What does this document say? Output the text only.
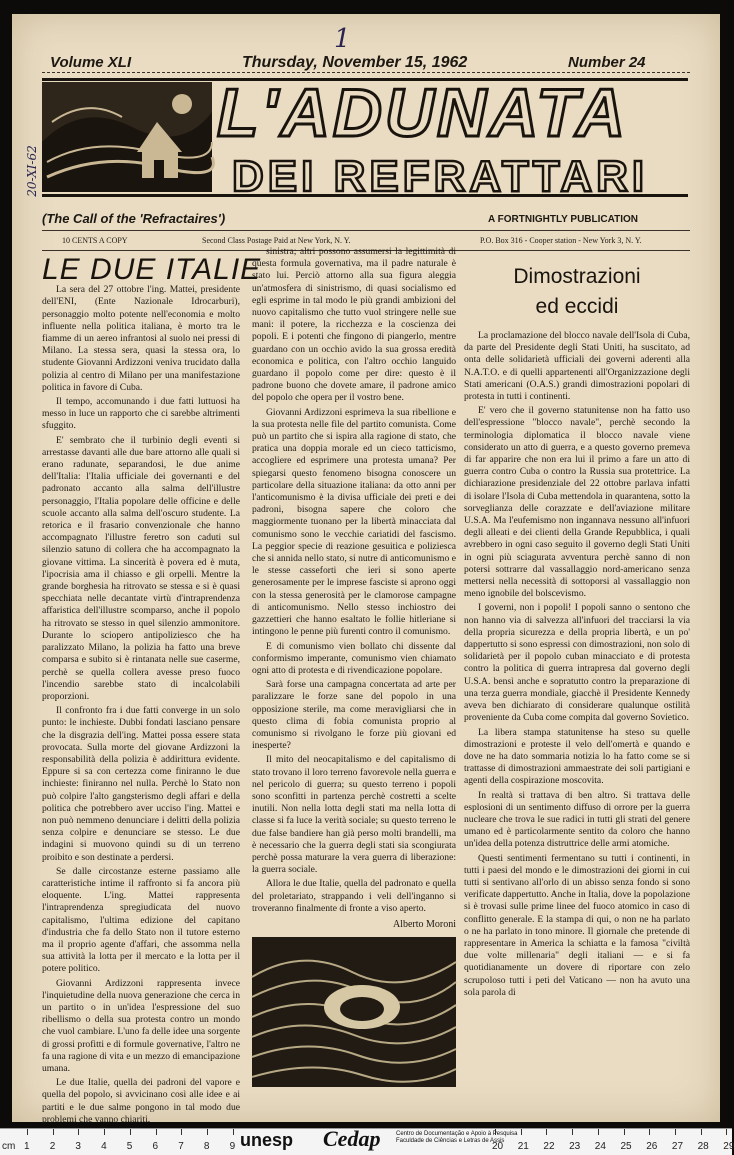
Volume XLI	Thursday, November 15, 1962	Number 24
1
20-XI-62
L'ADUNATA
DEI REFRATTARI
(The Call of the 'Refractaires')	A FORTNIGHTLY PUBLICATION
10 CENTS A COPY	Second Class Postage Paid at New York, N. Y.	P.O. Box 316 - Cooper station - New York 3, N. Y.
LE DUE ITALIE

La sera del 27 ottobre l'ing. Mattei, presidente dell'ENI, (Ente Nazionale Idrocarburi), personaggio molto potente nell'economia e molto influente nella politica italiana, è morto tra le fiamme di un aereo infrantosi al suolo nei pressi di Milano. La stessa sera, quasi la stessa ora, lo studente Giovanni Ardizzoni veniva trucidato dalla polizia al centro di Milano per una manifestazione politica in favore di Cuba.

Il tempo, accomunando i due fatti luttuosi ha messo in luce un rapporto che ci sarebbe altrimenti sfuggito.

E' sembrato che il turbinio degli eventi si arrestasse davanti alle due bare attorno alle quali si erano radunate, separandosi, le due anime dell'Italia: l'Italia ufficiale dei governanti e del padronato accanto alla salma dell'illustre personaggio, l'Italia popolare delle officine e delle scuole accanto alla salma dell'oscuro studente. La retorica e il frasario convenzionale che hanno accompagnato l'illustre feretro son caduti sul silenzio satuno di collera che ha accompagnato la giovane vittima. La sincerità è povera ed è muta, l'ipocrisia ama il chiasso e gli orpelli. Mentre la grande borghesia ha ritrovato se stessa e si è quasi specchiata nelle decantate virtù d'intraprendenza affaristica dell'illustre scomparso, anche il popolo ha ritrovato se stesso in quel silenzio ammonitore. Durante lo sciopero antipoliziesco che ha paralizzato Milano, la polizia ha fatto una breve comparsa e subito si è rintanata nelle sue caserme, perchè se quella collera avesse preso fuoco l'incendio sarebbe stato di incalcolabili proporzioni.

Il confronto fra i due fatti converge in un solo punto: le inchieste. Dubbi fondati lasciano pensare che la disgrazia dell'ing. Mattei possa essere stata provocata. Sulla morte del giovane Ardizzoni la responsabilità della polizia è addirittura evidente. Eppure si sa con certezza come finiranno le due inchieste: finiranno nel nulla. Perchè lo Stato non può colpire l'alto gangsterismo degli affari e della politica che potrebbero aver ucciso l'ing. Mattei e non può nemmeno denunciare i delitti della polizia senza colpire e denunciare se stesso. Le due indagini si muovono quindi su di un terreno proibito e son destinate a perdersi.

Se dalle circostanze esterne passiamo alle caratteristiche intime il raffronto si fa ancora più eloquente. L'ing. Mattei rappresenta l'intraprendenza spregiudicata del nuovo capitalismo, l'ultima edizione del capitano d'industria che fa dello Stato non il tutore esterno ma il proprio agente d'affari, che assomma nella sua attività la lotta per il mercato e la lotta per il potere politico.

Giovanni Ardizzoni rappresenta invece l'inquietudine della nuova generazione che cerca in un partito o in un'idea l'espressione del suo ribellismo o della sua protesta contro un mondo che vuol cambiare. L'uno fa delle idee una sorgente di grossi profitti e di formule governative, l'altro ne fa una ragione di vita e un mezzo di emancipazione umana.

Le due Italie, quella dei padroni del vapore e quella del popolo, si avvicinano così alle idee e ai partiti e le due salme pongono in tal modo due problemi che vanno chiariti.

sinistra; altri possono assumersi la legittimità di questa formula governativa, ma il padre naturale è stato lui. Perciò attorno alla sua figura aleggia un'atmosfera di sinistrismo, di quasi socialismo ed egli esprime in tal modo le più grandi ambizioni del nuovo capitalismo che tutto vuol stringere nelle sue mani: il potere, la ricchezza e la coscienza dei popoli. E i potenti che fingono di piangerlo, mentre guardano con un occhio avido la sua grossa eredità economica e politica, con l'altro occhio languido guardano il popolo come per dire: questo è il padrone buono che dovete amare, il padrone amico del popolo che opera per il vostro bene.

Giovanni Ardizzoni esprimeva la sua ribellione e la sua protesta nelle file del partito comunista. Come può un partito che si ispira alla ragione di stato, che pratica una doppia morale ed un cieco tatticismo, accogliere ed esprimere una protesta umana? Per spiegarsi questo fenomeno bisogna conoscere un particolare della situazione italiana: da otto anni per l'anticomunismo è la divisa ufficiale dei preti e dei padroni, bisogna sapere che coloro che maggiormente tuonano per la libertà minacciata dal comunismo sono le vecchie cariatidi del fascismo. La peggior specie di reazione gesuitica e poliziesca che si annida nello stato, si nutre di anticomunismo e le stesse casseforti che ieri si sono aperte generosamente per le imprese fasciste si aprono oggi con la stessa generosità per le clamorose campagne di anticomunismo. Nello stesso inchiostro dei gazzettieri che hanno esaltato le follie hitleriane si intingono le penne più furenti contro il comunismo.

E di comunismo vien bollato chi dissente dal conformismo imperante, comunismo vien chiamato ogni atto di protesta e di rivendicazione popolare.

Sarà forse una campagna concertata ad arte per paralizzare le forze sane del popolo in una opposizione sterile, ma come meravigliarsi che in questo clima di fobia comunista proprio al comunismo si rivolgano le forze più giovani ed inesperte?

Il mito del neocapitalismo e del capitalismo di stato trovano il loro terreno favorevole nella guerra e nel pericolo di guerra; su questo terreno i popoli sono sconfitti in partenza perchè costretti a scelte inutili. Non nella lotta degli stati ma nella lotta di classe si fa luce la verità sociale; su questo terreno le due false bandiere han già perso molti brandelli, ma è necessario che la guerra degli stati sia scongiurata perchè possa maturare la vera guerra di liberazione: la guerra sociale.

Allora le due Italie, quella del padronato e quella del proletariato, strappando i veli dell'inganno si troveranno finalmente di fronte a viso aperto.

Alberto Moroni
Dimostrazioni
ed eccidi

La proclamazione del blocco navale dell'Isola di Cuba, da parte del Presidente degli Stati Uniti, ha suscitato, ad onta delle solidarietà ufficiali dei governi aderenti alla N.A.T.O. e di quelli appartenenti all'Organizzazione degli Stati americani (O.A.S.) grandi dimostrazioni popolari di protesta in tutti i continenti.

E' vero che il governo statunitense non ha fatto uso dell'espressione "blocco navale", perchè secondo la terminologia diplomatica il blocco navale viene considerato un atto di guerra, e a questo governo premeva di far apparire che non era lui il primo a fare un atto di guerra contro Cuba o contro la Russia sua protettrice. La dichiarazione presidenziale del 22 ottobre parlava infatti di isolare l'Isola di Cuba mettendola in quarantena, sotto la sorveglianza delle corazzate e dell'aviazione militare U.S.A. Ma l'eufemismo non ingannava nessuno all'infuori degli alleati e dei clienti della Grande Repubblica, i quali avrebbero in ogni caso seguito il governo degli Stati Uniti in ogni più sciagurata avventura perchè sanno di non potersi sottrarre dal vassallaggio nord-americano senza mettersi nella necessità di sottoporsi al vassallaggio non meno ignobile del bolscevismo.

I governi, non i popoli! I popoli sanno o sentono che non hanno via di salvezza all'infuori del tracciarsi la via della propria sicurezza e della propria libertà, e un po' dappertutto si sono espressi con dimostrazioni, non solo di solidarietà per il popolo cuban minacciato e di protesta contro la politica di guerra intrapresa dal governo degli U.S.A. bensì anche e sopratutto contro la preparazione di una terza guerra mondiale, giacchè il Presidente Kennedy aveva ben dichiarato di considerare qualunque ostilità proveniente da Cuba come compita dal governo Sovietico.

La libera stampa statunitense ha steso su quelle dimostrazioni e proteste il velo dell'omertà e quando e dove ne ha dato sommaria notizia lo ha fatto come se si trattasse di dimostrazioni ammaestrate dei soli partigiani e agenti della cospirazione moscovita.

In realtà si trattava di ben altro. Si trattava delle esplosioni di un sentimento diffuso di orrore per la guerra nucleare che trova le sue radici in tutti gli strati del genere umano ed è particolarmente sentito da coloro che hanno un'idea della potenza distruttrice delle armi atomiche.

Questi sentimenti fermentano su tutti i continenti, in tutti i paesi del mondo e le dimostrazioni dei giorni in cui tutti si sentivano all'orlo di un abisso senza fondo si sono verificate dappertutto. Anche in Italia, dove la popolazione si è trovasi sulle prime linee del fuoco atomico in caso di conflitto generale. E la stampa di qui, o non ne ha parlato o ne ha parlato in tono minore. Il giornale che pretende di rappresentare in America la schiatta e la famosa "civiltà due volte millenaria" degli italiani — e si fa quotidianamente un dovere di riportare con zelo scrupoloso tutti i peti del Vaticano — non ha avuto una sola parola di

cm 1 2 3 4 5 6 7 8 9	20 21 22 23 24 25 26 27 28 29
unesp Cedap	Centro de Documentação e Apoio à Pesquisa
Faculdade de Ciências e Letras de Assis
